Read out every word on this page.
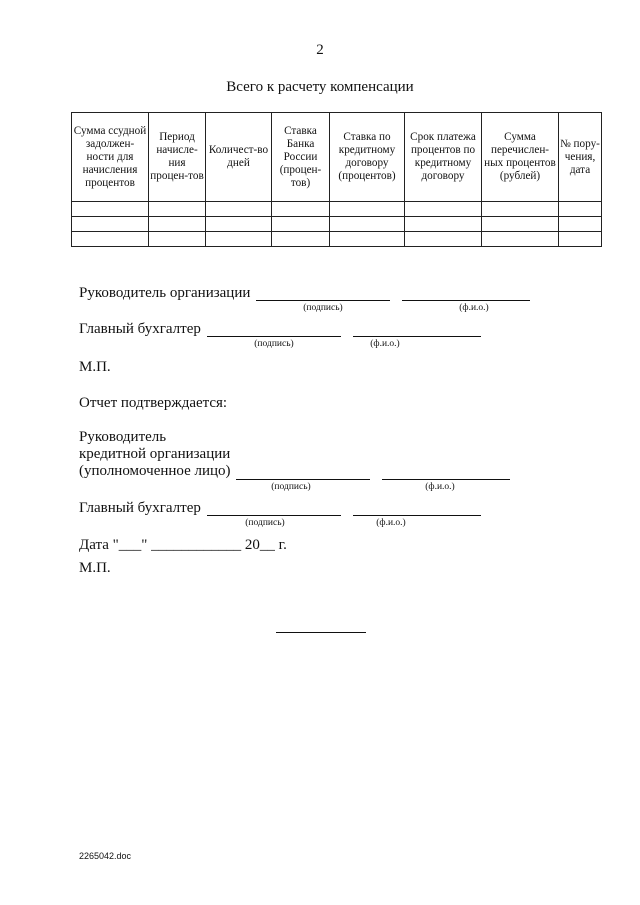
2
Всего к расчету компенсации
Сумма ссудной задолжен-ности для начисления процентов	Период начисле-ния процен-тов	Количест-во дней	Ставка Банка России (процен-тов)	Ставка по кредитному договору (процентов)	Срок платежа процентов по кредитному договору	Сумма перечислен-ных процентов (рублей)	№ пору-чения, дата

Руководитель организации
(подпись)	(ф.и.о.)
Главный бухгалтер
(подпись)	(ф.и.о.)
М.П.
Отчет подтверждается:
Руководитель
кредитной организации
(уполномоченное лицо)
(подпись)	(ф.и.о.)
Главный бухгалтер
(подпись)	(ф.и.о.)
Дата "___" ____________ 20__ г.
М.П.
2265042.doc
